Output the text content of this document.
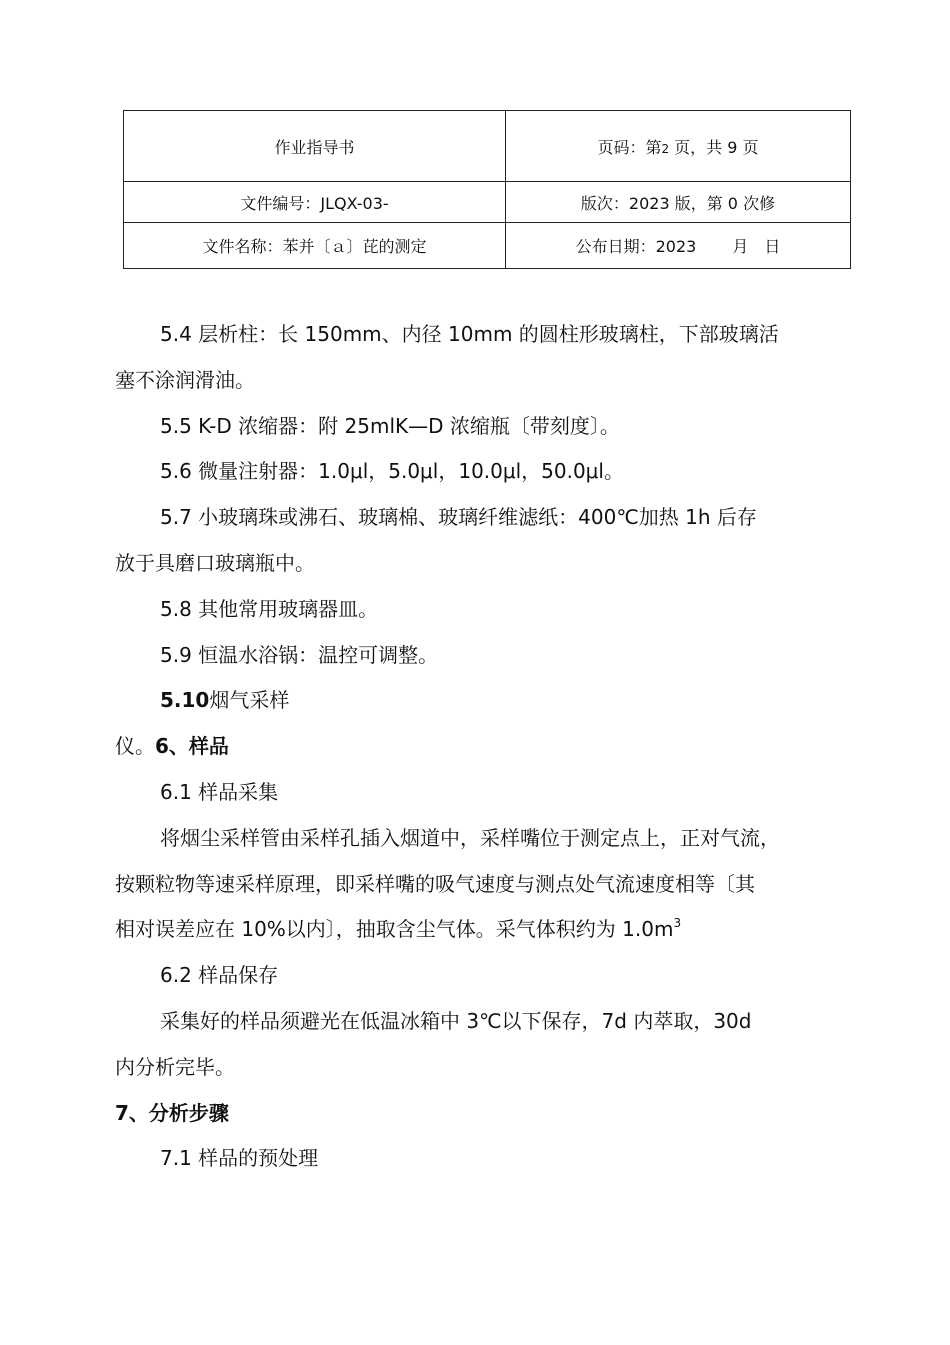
作业指导书	页码：第2 页，共 9 页
文件编号：JLQX-03-	版次：2023 版，第 0 次修
文件名称：苯并〔ａ〕芘的测定	公布日期：2023 月 日

5.4 层析柱：长 150mm、内径 10mm 的圆柱形玻璃柱，下部玻璃活

塞不涂润滑油。

5.5 K-D 浓缩器：附 25mlK—D 浓缩瓶〔带刻度〕。

5.6 微量注射器：1.0μl，5.0μl，10.0μl，50.0μl。

5.7 小玻璃珠或沸石、玻璃棉、玻璃纤维滤纸：400℃加热 1h 后存

放于具磨口玻璃瓶中。

5.8 其他常用玻璃器皿。

5.9 恒温水浴锅：温控可调整。

5.10烟气采样

仪。6、样品

6.1 样品采集

将烟尘采样管由采样孔插入烟道中，采样嘴位于测定点上，正对气流，

按颗粒物等速采样原理，即采样嘴的吸气速度与测点处气流速度相等〔其

相对误差应在 10%以内〕，抽取含尘气体。采气体积约为 $1.0m^3$

6.2 样品保存

采集好的样品须避光在低温冰箱中 3℃以下保存，7d 内萃取，30d

内分析完毕。

7、分析步骤

7.1 样品的预处理
